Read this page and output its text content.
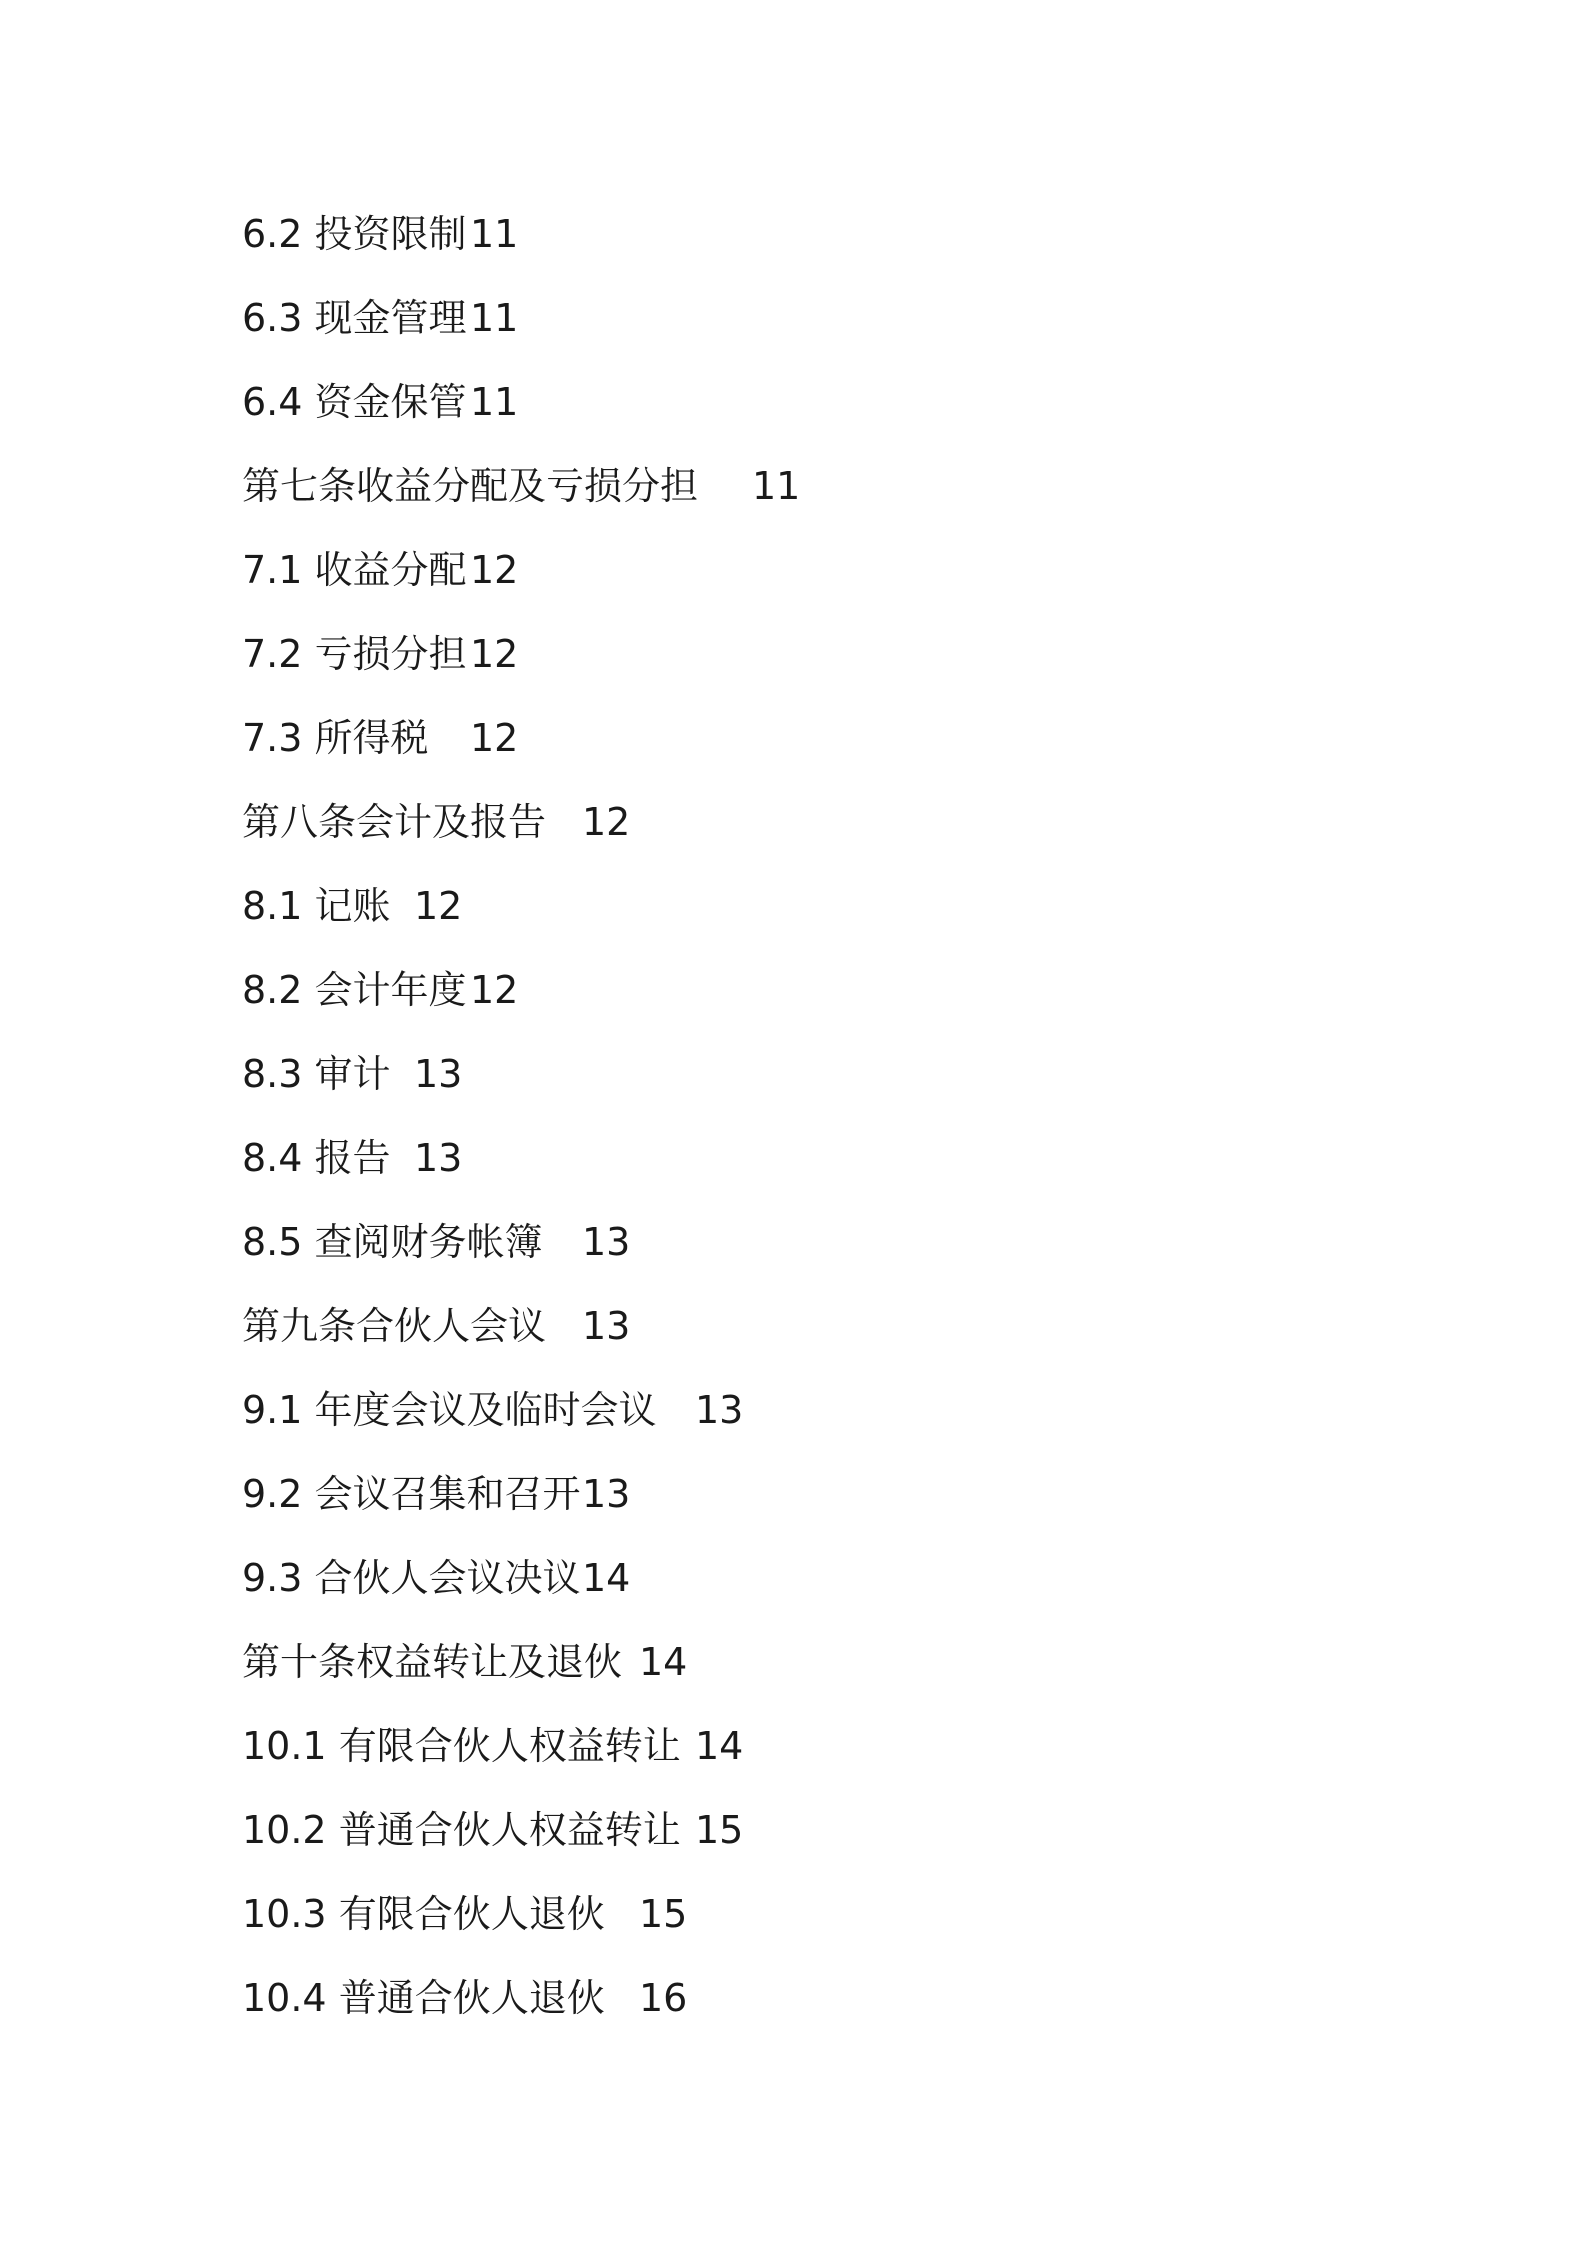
6.2 投资限制11
6.3 现金管理11
6.4 资金保管11
第七条收益分配及亏损分担 11
7.1 收益分配12
7.2 亏损分担12
7.3 所得税 12
第八条会计及报告 12
8.1 记账 12
8.2 会计年度12
8.3 审计 13
8.4 报告 13
8.5 查阅财务帐簿 13
第九条合伙人会议 13
9.1 年度会议及临时会议 13
9.2 会议召集和召开13
9.3 合伙人会议决议14
第十条权益转让及退伙 14
10.1 有限合伙人权益转让 14
10.2 普通合伙人权益转让 15
10.3 有限合伙人退伙 15
10.4 普通合伙人退伙 16
